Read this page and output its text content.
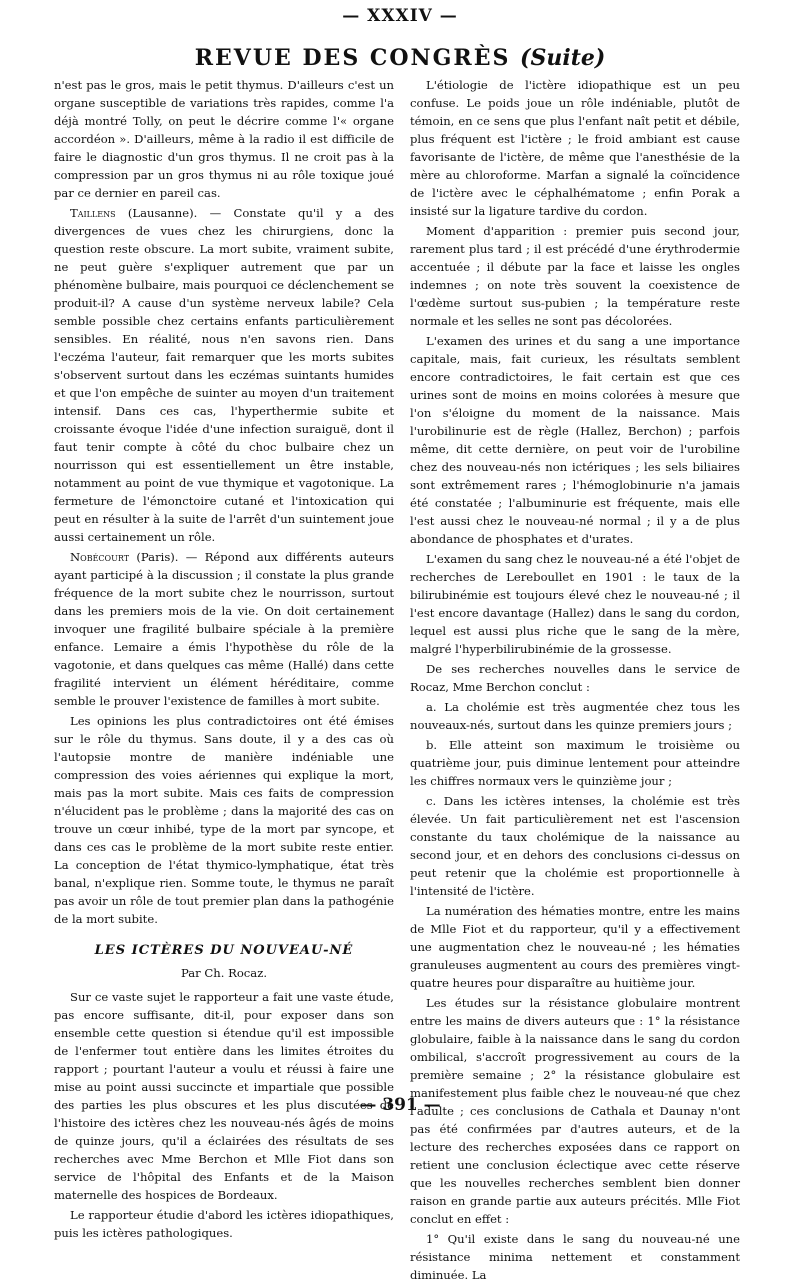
— XXXIV —
REVUE DES CONGRÈS (Suite)

n'est pas le gros, mais le petit thymus. D'ailleurs c'est un organe susceptible de variations très rapides, comme l'a déjà montré Tolly, on peut le décrire comme l'« organe accordéon ». D'ailleurs, même à la radio il est difficile de faire le diagnostic d'un gros thymus. Il ne croit pas à la compression par un gros thymus ni au rôle toxique joué par ce dernier en pareil cas.

Taillens (Lausanne). — Constate qu'il y a des divergences de vues chez les chirurgiens, donc la question reste obscure. La mort subite, vraiment subite, ne peut guère s'expliquer autrement que par un phénomène bulbaire, mais pourquoi ce déclenchement se produit-il? A cause d'un système nerveux labile? Cela semble possible chez certains enfants particulièrement sensibles. En réalité, nous n'en savons rien. Dans l'eczéma l'auteur, fait remarquer que les morts subites s'observent surtout dans les eczémas suintants humides et que l'on empêche de suinter au moyen d'un traitement intensif. Dans ces cas, l'hyperthermie subite et croissante évoque l'idée d'une infection suraiguë, dont il faut tenir compte à côté du choc bulbaire chez un nourrisson qui est essentiellement un être instable, notamment au point de vue thymique et vagotonique. La fermeture de l'émonctoire cutané et l'intoxication qui peut en résulter à la suite de l'arrêt d'un suintement joue aussi certainement un rôle.

Nobécourt (Paris). — Répond aux différents auteurs ayant participé à la discussion ; il constate la plus grande fréquence de la mort subite chez le nourrisson, surtout dans les premiers mois de la vie. On doit certainement invoquer une fragilité bulbaire spéciale à la première enfance. Lemaire a émis l'hypothèse du rôle de la vagotonie, et dans quelques cas même (Hallé) dans cette fragilité intervient un élément héréditaire, comme semble le prouver l'existence de familles à mort subite.

Les opinions les plus contradictoires ont été émises sur le rôle du thymus. Sans doute, il y a des cas où l'autopsie montre de manière indéniable une compression des voies aériennes qui explique la mort, mais pas la mort subite. Mais ces faits de compression n'élucident pas le problème ; dans la majorité des cas on trouve un cœur inhibé, type de la mort par syncope, et dans ces cas le problème de la mort subite reste entier. La conception de l'état thymico-lymphatique, état très banal, n'explique rien. Somme toute, le thymus ne paraît pas avoir un rôle de tout premier plan dans la pathogénie de la mort subite.

LES ICTÈRES DU NOUVEAU-NÉ
Par Ch. Rocaz.

Sur ce vaste sujet le rapporteur a fait une vaste étude, pas encore suffisante, dit-il, pour exposer dans son ensemble cette question si étendue qu'il est impossible de l'enfermer tout entière dans les limites étroites du rapport ; pourtant l'auteur a voulu et réussi à faire une mise au point aussi succincte et impartiale que possible des parties les plus obscures et les plus discutées de l'histoire des ictères chez les nouveau-nés âgés de moins de quinze jours, qu'il a éclairées des résultats de ses recherches avec Mme Berchon et Mlle Fiot dans son service de l'hôpital des Enfants et de la Maison maternelle des hospices de Bordeaux.

Le rapporteur étudie d'abord les ictères idiopathiques, puis les ictères pathologiques.

L'étiologie de l'ictère idiopathique est un peu confuse. Le poids joue un rôle indéniable, plutôt de témoin, en ce sens que plus l'enfant naît petit et débile, plus fréquent est l'ictère ; le froid ambiant est cause favorisante de l'ictère, de même que l'anesthésie de la mère au chloroforme. Marfan a signalé la coïncidence de l'ictère avec le céphalhématome ; enfin Porak a insisté sur la ligature tardive du cordon.

Moment d'apparition : premier puis second jour, rarement plus tard ; il est précédé d'une érythrodermie accentuée ; il débute par la face et laisse les ongles indemnes ; on note très souvent la coexistence de l'œdème surtout sus-pubien ; la température reste normale et les selles ne sont pas décolorées.

L'examen des urines et du sang a une importance capitale, mais, fait curieux, les résultats semblent encore contradictoires, le fait certain est que ces urines sont de moins en moins colorées à mesure que l'on s'éloigne du moment de la naissance. Mais l'urobilinurie est de règle (Hallez, Berchon) ; parfois même, dit cette dernière, on peut voir de l'urobiline chez des nouveau-nés non ictériques ; les sels biliaires sont extrêmement rares ; l'hémoglobinurie n'a jamais été constatée ; l'albuminurie est fréquente, mais elle l'est aussi chez le nouveau-né normal ; il y a de plus abondance de phosphates et d'urates.

L'examen du sang chez le nouveau-né a été l'objet de recherches de Lereboullet en 1901 : le taux de la bilirubinémie est toujours élevé chez le nouveau-né ; il l'est encore davantage (Hallez) dans le sang du cordon, lequel est aussi plus riche que le sang de la mère, malgré l'hyperbilirubinémie de la grossesse.

De ses recherches nouvelles dans le service de Rocaz, Mme Berchon conclut :

a. La cholémie est très augmentée chez tous les nouveaux-nés, surtout dans les quinze premiers jours ;

b. Elle atteint son maximum le troisième ou quatrième jour, puis diminue lentement pour atteindre les chiffres normaux vers le quinzième jour ;

c. Dans les ictères intenses, la cholémie est très élevée. Un fait particulièrement net est l'ascension constante du taux cholémique de la naissance au second jour, et en dehors des conclusions ci-dessus on peut retenir que la cholémie est proportionnelle à l'intensité de l'ictère.

La numération des hématies montre, entre les mains de Mlle Fiot et du rapporteur, qu'il y a effectivement une augmentation chez le nouveau-né ; les hématies granuleuses augmentent au cours des premières vingt-quatre heures pour disparaître au huitième jour.

Les études sur la résistance globulaire montrent entre les mains de divers auteurs que : 1° la résistance globulaire, faible à la naissance dans le sang du cordon ombilical, s'accroît progressivement au cours de la première semaine ; 2° la résistance globulaire est manifestement plus faible chez le nouveau-né que chez l'adulte ; ces conclusions de Cathala et Daunay n'ont pas été confirmées par d'autres auteurs, et de la lecture des recherches exposées dans ce rapport on retient une conclusion éclectique avec cette réserve que les nouvelles recherches semblent bien donner raison en grande partie aux auteurs précités. Mlle Fiot conclut en effet :

1° Qu'il existe dans le sang du nouveau-né une résistance minima nettement et constamment diminuée. La

— 391 —
